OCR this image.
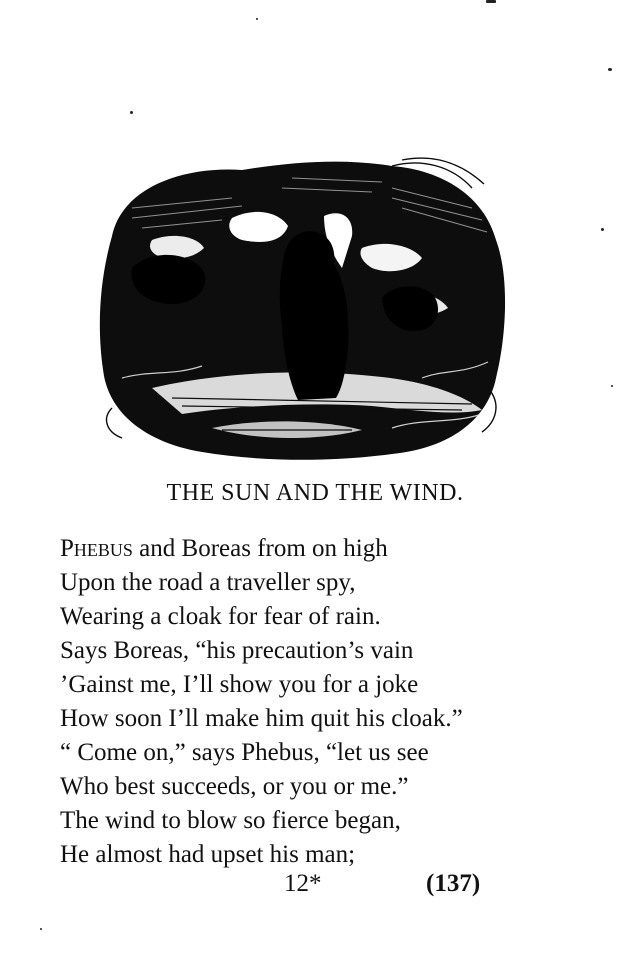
THE SUN AND THE WIND.
Phebus and Boreas from on high
Upon the road a traveller spy,
Wearing a cloak for fear of rain.
Says Boreas, “his precaution’s vain
’Gainst me, I’ll show you for a joke
How soon I’ll make him quit his cloak.”
“ Come on,” says Phebus, “let us see
Who best succeeds, or you or me.”
The wind to blow so fierce began,
He almost had upset his man;
12*	(137)
